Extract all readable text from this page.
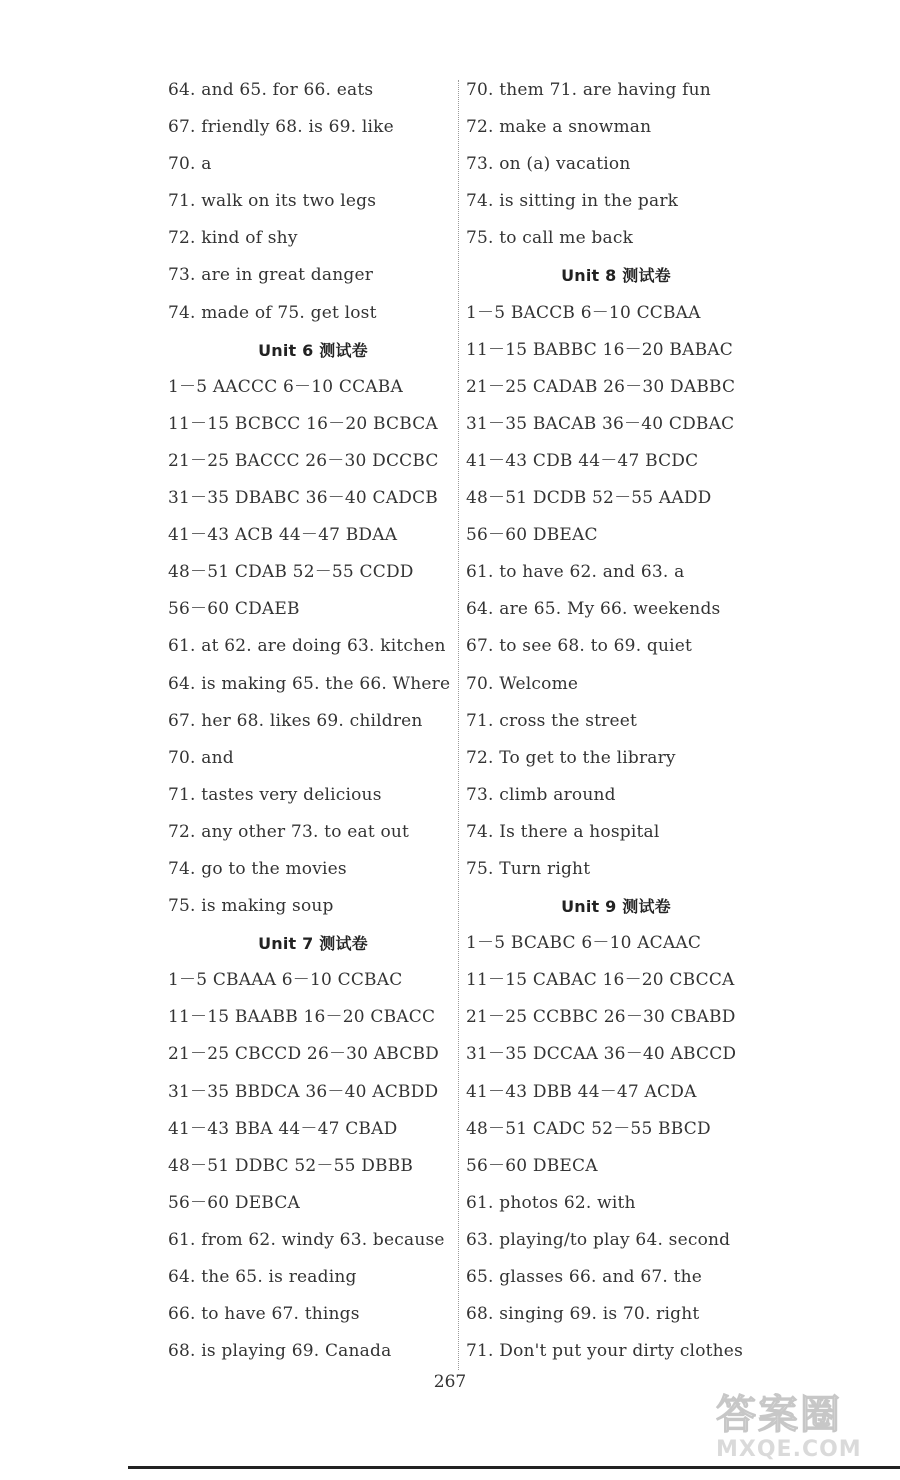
64. and 65. for 66. eats
67. friendly 68. is 69. like
70. a
71. walk on its two legs
72. kind of shy
73. are in great danger
74. made of 75. get lost
Unit 6 测试卷
1－5 AACCC 6－10 CCABA
11－15 BCBCC 16－20 BCBCA
21－25 BACCC 26－30 DCCBC
31－35 DBABC 36－40 CADCB
41－43 ACB 44－47 BDAA
48－51 CDAB 52－55 CCDD
56－60 CDAEB
61. at 62. are doing 63. kitchen
64. is making 65. the 66. Where
67. her 68. likes 69. children
70. and
71. tastes very delicious
72. any other 73. to eat out
74. go to the movies
75. is making soup
Unit 7 测试卷
1－5 CBAAA 6－10 CCBAC
11－15 BAABB 16－20 CBACC
21－25 CBCCD 26－30 ABCBD
31－35 BBDCA 36－40 ACBDD
41－43 BBA 44－47 CBAD
48－51 DDBC 52－55 DBBB
56－60 DEBCA
61. from 62. windy 63. because
64. the 65. is reading
66. to have 67. things
68. is playing 69. Canada
70. them 71. are having fun
72. make a snowman
73. on (a) vacation
74. is sitting in the park
75. to call me back
Unit 8 测试卷
1－5 BACCB 6－10 CCBAA
11－15 BABBC 16－20 BABAC
21－25 CADAB 26－30 DABBC
31－35 BACAB 36－40 CDBAC
41－43 CDB 44－47 BCDC
48－51 DCDB 52－55 AADD
56－60 DBEAC
61. to have 62. and 63. a
64. are 65. My 66. weekends
67. to see 68. to 69. quiet
70. Welcome
71. cross the street
72. To get to the library
73. climb around
74. Is there a hospital
75. Turn right
Unit 9 测试卷
1－5 BCABC 6－10 ACAAC
11－15 CABAC 16－20 CBCCA
21－25 CCBBC 26－30 CBABD
31－35 DCCAA 36－40 ABCCD
41－43 DBB 44－47 ACDA
48－51 CADC 52－55 BBCD
56－60 DBECA
61. photos 62. with
63. playing/to play 64. second
65. glasses 66. and 67. the
68. singing 69. is 70. right
71. Don't put your dirty clothes
267
答案圈
MXQE.COM
